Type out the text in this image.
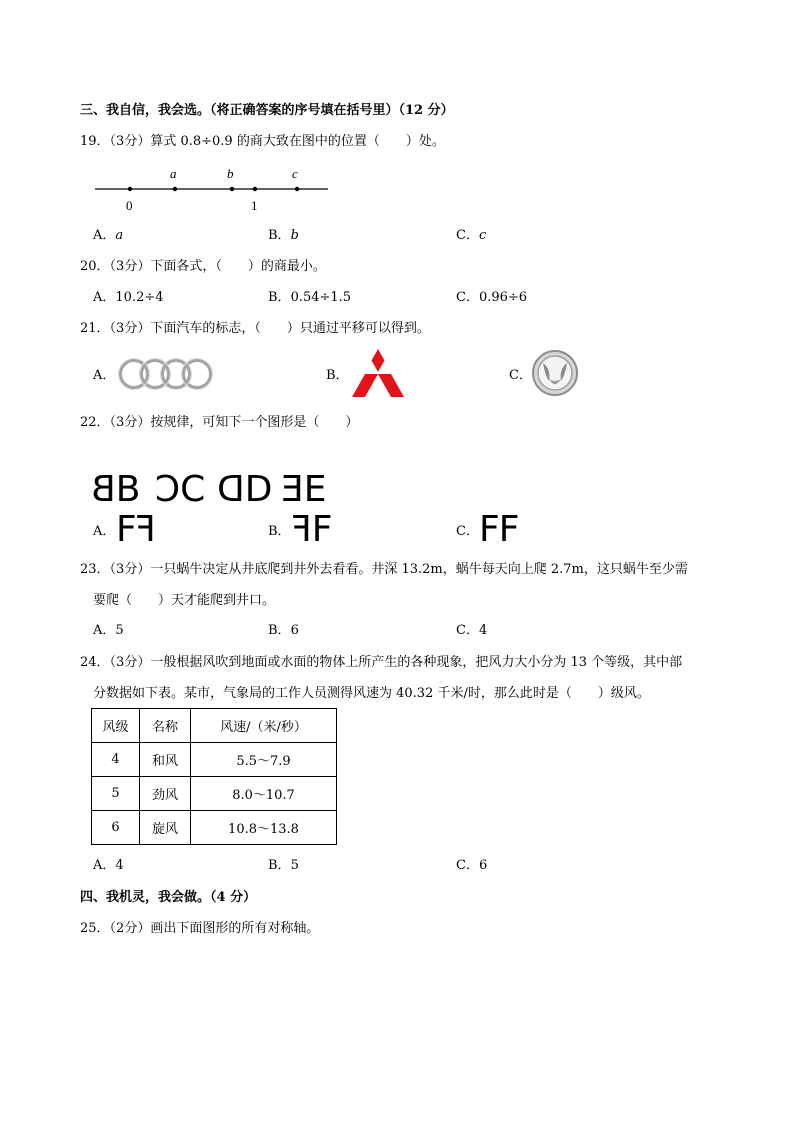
三、我自信，我会选。（将正确答案的序号填在括号里）（12 分）
19．（3分）算式 0.8÷0.9 的商大致在图中的位置（　　）处。
a	b	c
0	1
A．a	B．b	C．c
20．（3分）下面各式，（　　）的商最小。
A．10.2÷4	B．0.54÷1.5	C．0.96÷6
21．（3分）下面汽车的标志，（　　）只通过平移可以得到。
A．	B．	C．
22．（3分）按规律，可知下一个图形是（　　）
BB CC DD EE
A． FF	B． FF	C． FF
23．（3分）一只蜗牛决定从井底爬到井外去看看。井深 13.2m，蜗牛每天向上爬 2.7m，这只蜗牛至少需
要爬（　　）天才能爬到井口。
A．5	B．6	C．4
24．（3分）一般根据风吹到地面或水面的物体上所产生的各种现象，把风力大小分为 13 个等级，其中部
分数据如下表。某市，气象局的工作人员测得风速为 40.32 千米/时，那么此时是（　　）级风。
风级	名称	风速/（米/秒）
4	和风	5.5～7.9
5	劲风	8.0～10.7
6	旋风	10.8～13.8
A．4	B．5	C．6
四、我机灵，我会做。（4 分）
25．（2分）画出下面图形的所有对称轴。
